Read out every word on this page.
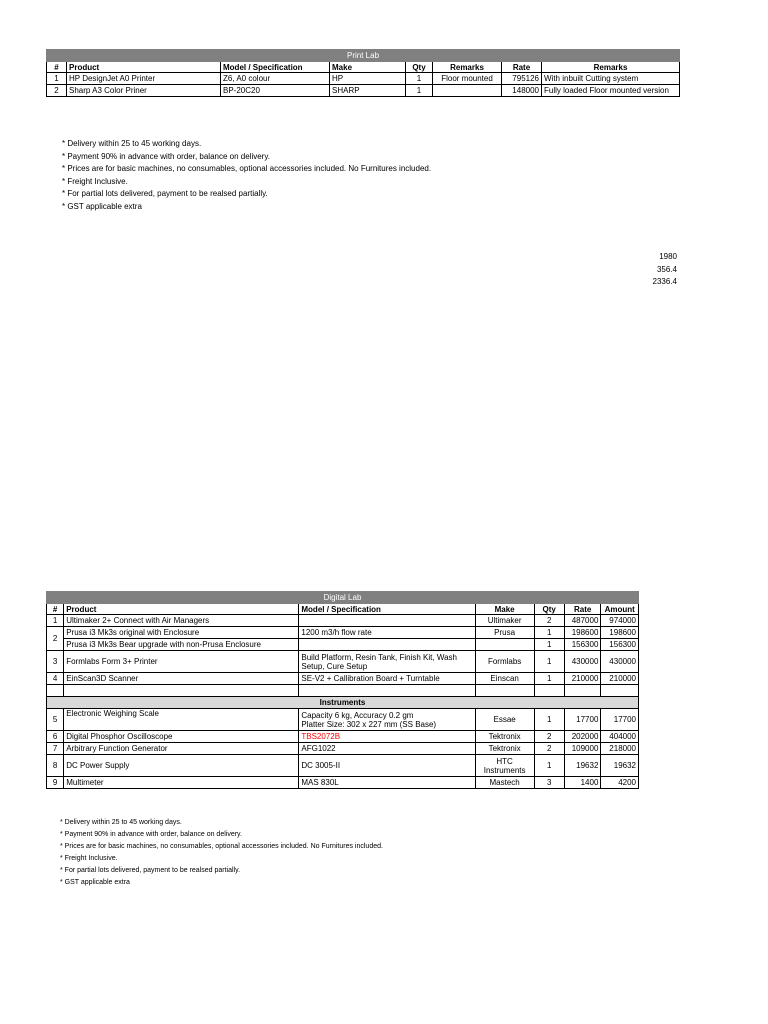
Print Lab							
#	Product	Model / Specification	Make	Qty	Remarks	Rate	Remarks
1	HP DesignJet A0 Printer	Z6, A0 colour	HP	1	Floor mounted	795126	With inbuilt Cutting system
2	Sharp A3 Color Priner	BP-20C20	SHARP	1		148000	Fully loaded Floor mounted version
* Delivery within 25 to 45 working days.
* Payment 90% in advance with order, balance on delivery.
* Prices are for basic machines, no consumables, optional accessories included. No Furnitures included.
* Freight Inclusive.
* For partial lots delivered, payment to be realsed partially.
* GST applicable extra
1980
356.4
2336.4
Digital Lab						
#	Product	Model / Specification	Make	Qty	Rate	Amount
1	Ultimaker 2+ Connect with Air Managers		Ultimaker	2	487000	974000
2	Prusa i3 Mk3s original with Enclosure	1200 m3/h flow rate	Prusa	1	198600	198600
	Prusa i3 Mk3s Bear upgrade with non-Prusa Enclosure			1	156300	156300
3	Formlabs Form 3+ Printer	Build Platform, Resin Tank, Finish Kit, Wash Setup, Cure Setup	Formlabs	1	430000	430000
4	EinScan3D Scanner	SE-V2 + Callibration Board + Turntable	Einscan	1	210000	210000

Instruments						
5	Electronic Weighing Scale	Capacity 6 kg, Accuracy 0.2 gm
Platter Size: 302 x 227 mm (SS Base)	Essae	1	17700	17700
6	Digital Phosphor Oscilloscope	TBS2072B	Tektronix	2	202000	404000
7	Arbitrary Function Generator	AFG1022	Tektronix	2	109000	218000
8	DC Power Supply	DC 3005-II	HTC Instruments	1	19632	19632
9	Multimeter	MAS 830L	Mastech	3	1400	4200
* Delivery within 25 to 45 working days.
* Payment 90% in advance with order, balance on delivery.
* Prices are for basic machines, no consumables, optional accessories included. No Furnitures included.
* Freight Inclusive.
* For partial lots delivered, payment to be realsed partially.
* GST applicable extra
